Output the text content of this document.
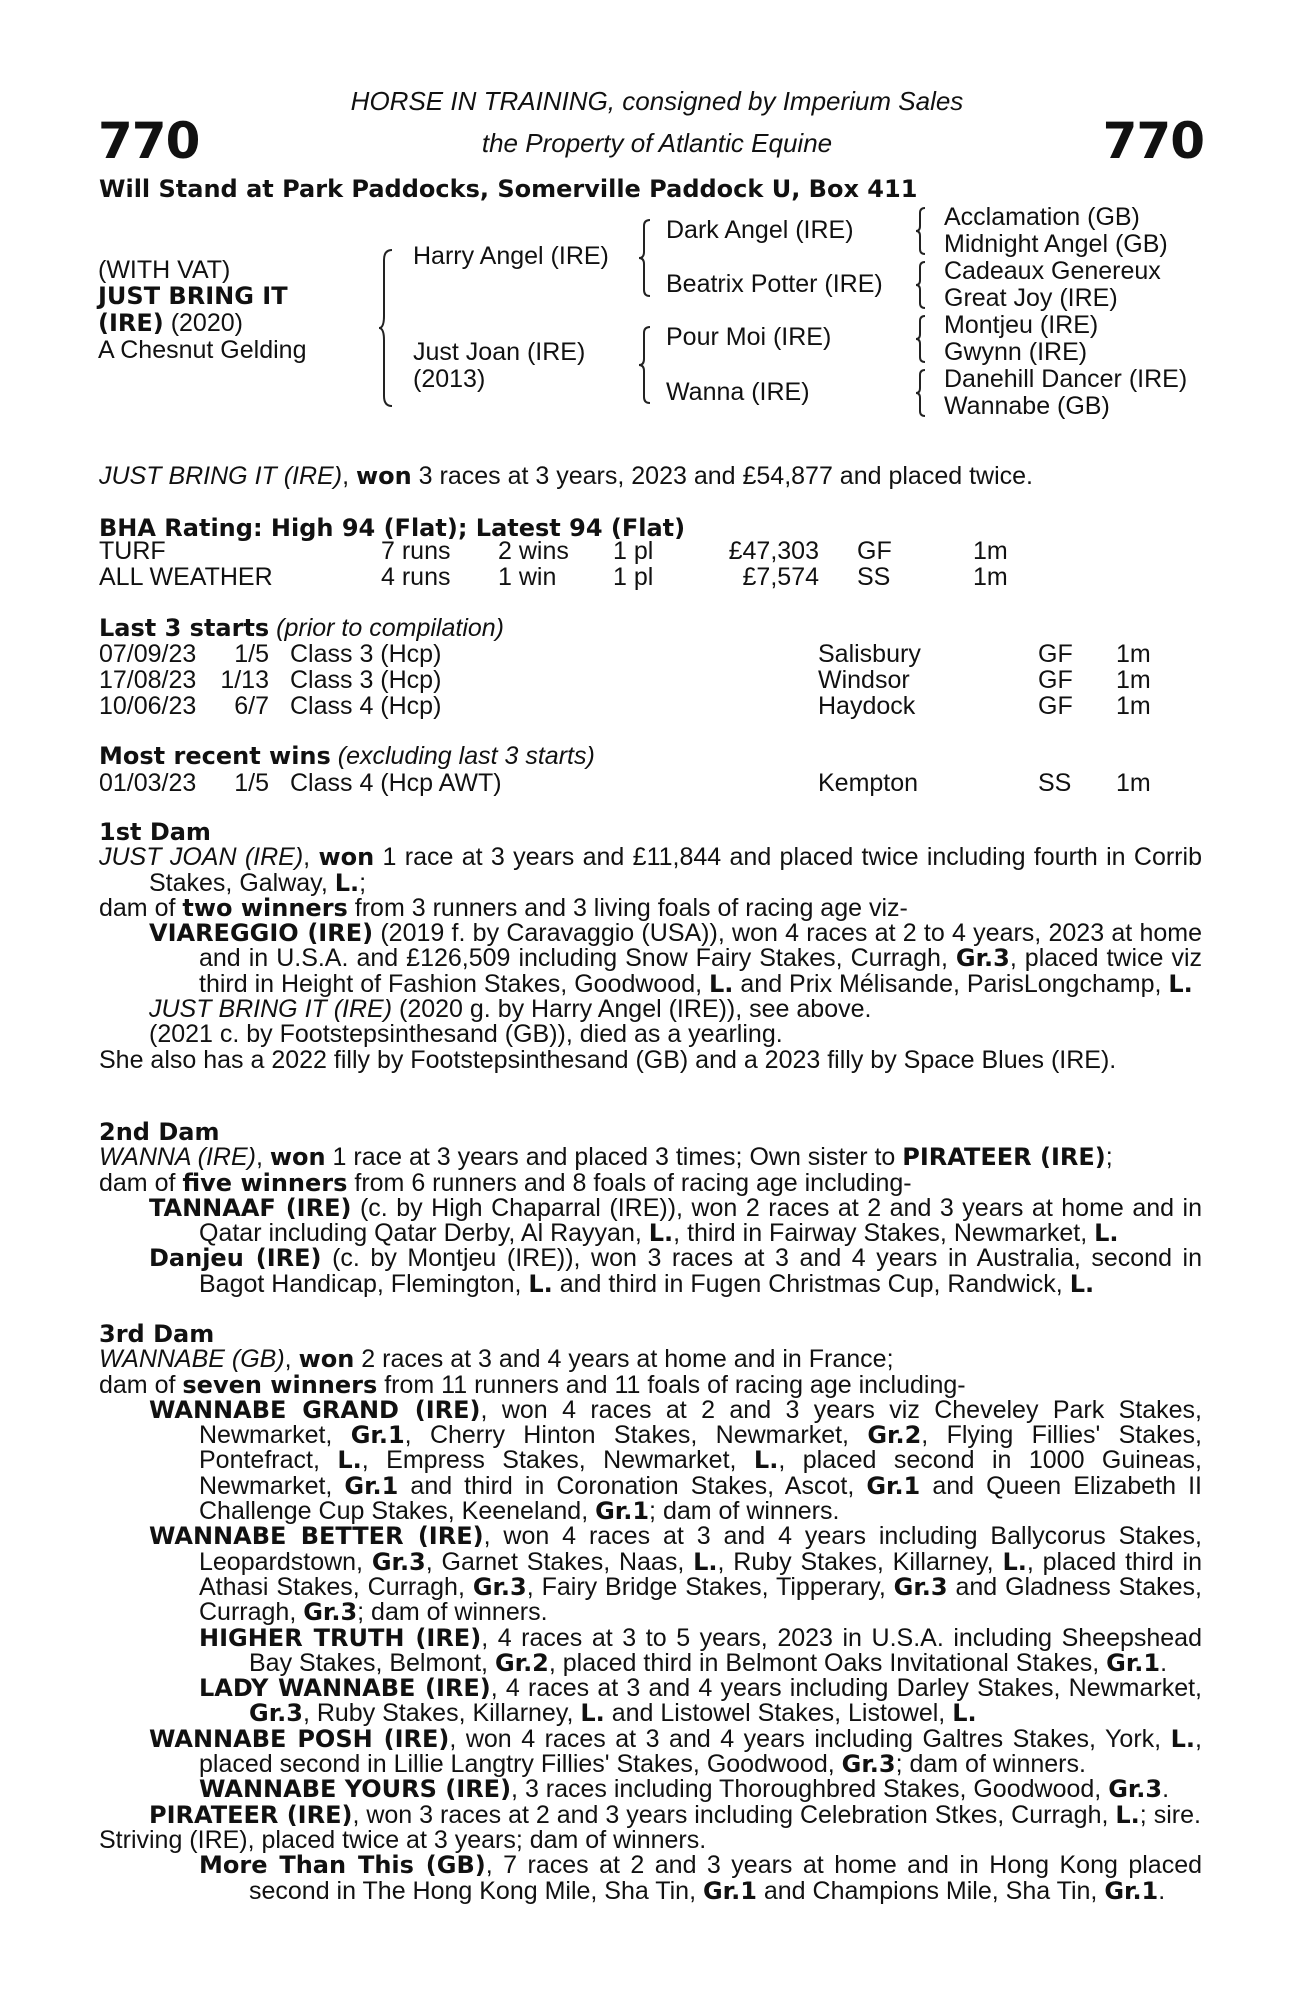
770	770
HORSE IN TRAINING, consigned by Imperium Sales
the Property of Atlantic Equine
Will Stand at Park Paddocks, Somerville Paddock U, Box 411
(WITH VAT)
JUST BRING IT
(IRE) (2020)
A Chesnut Gelding
Harry Angel (IRE)
Just Joan (IRE)
(2013)
Dark Angel (IRE)
Beatrix Potter (IRE)
Pour Moi (IRE)
Wanna (IRE)
Acclamation (GB)
Midnight Angel (GB)
Cadeaux Genereux
Great Joy (IRE)
Montjeu (IRE)
Gwynn (IRE)
Danehill Dancer (IRE)
Wannabe (GB)
JUST BRING IT (IRE), won 3 races at 3 years, 2023 and £54,877 and placed twice.
BHA Rating: High 94 (Flat); Latest 94 (Flat)
TURF	7 runs 2 wins 1 pl	£47,303 GF	1m
ALL WEATHER	4 runs 1 win 1 pl	£7,574 SS	1m
Last 3 starts (prior to compilation)
07/09/23	1/5 Class 3 (Hcp)	Salisbury	GF 1m
17/08/23 1/13 Class 3 (Hcp)	Windsor	GF 1m
10/06/23	6/7 Class 4 (Hcp)	Haydock	GF 1m
Most recent wins (excluding last 3 starts)
01/03/23	1/5 Class 4 (Hcp AWT)	Kempton	SS 1m

1st Dam

JUST JOAN (IRE), won 1 race at 3 years and £11,844 and placed twice including fourth in Corrib Stakes, Galway, L.;

dam of two winners from 3 runners and 3 living foals of racing age viz-

VIAREGGIO (IRE) (2019 f. by Caravaggio (USA)), won 4 races at 2 to 4 years, 2023 at home and in U.S.A. and £126,509 including Snow Fairy Stakes, Curragh, Gr.3, placed twice viz third in Height of Fashion Stakes, Goodwood, L. and Prix Mélisande, ParisLongchamp, L.

JUST BRING IT (IRE) (2020 g. by Harry Angel (IRE)), see above.

(2021 c. by Footstepsinthesand (GB)), died as a yearling.

She also has a 2022 filly by Footstepsinthesand (GB) and a 2023 filly by Space Blues (IRE).

2nd Dam

WANNA (IRE), won 1 race at 3 years and placed 3 times; Own sister to PIRATEER (IRE);

dam of five winners from 6 runners and 8 foals of racing age including-

TANNAAF (IRE) (c. by High Chaparral (IRE)), won 2 races at 2 and 3 years at home and in Qatar including Qatar Derby, Al Rayyan, L., third in Fairway Stakes, Newmarket, L.

Danjeu (IRE) (c. by Montjeu (IRE)), won 3 races at 3 and 4 years in Australia, second in Bagot Handicap, Flemington, L. and third in Fugen Christmas Cup, Randwick, L.

3rd Dam

WANNABE (GB), won 2 races at 3 and 4 years at home and in France;

dam of seven winners from 11 runners and 11 foals of racing age including-

WANNABE GRAND (IRE), won 4 races at 2 and 3 years viz Cheveley Park Stakes, Newmarket, Gr.1, Cherry Hinton Stakes, Newmarket, Gr.2, Flying Fillies' Stakes, Pontefract, L., Empress Stakes, Newmarket, L., placed second in 1000 Guineas, Newmarket, Gr.1 and third in Coronation Stakes, Ascot, Gr.1 and Queen Elizabeth II Challenge Cup Stakes, Keeneland, Gr.1; dam of winners.

WANNABE BETTER (IRE), won 4 races at 3 and 4 years including Ballycorus Stakes, Leopardstown, Gr.3, Garnet Stakes, Naas, L., Ruby Stakes, Killarney, L., placed third in Athasi Stakes, Curragh, Gr.3, Fairy Bridge Stakes, Tipperary, Gr.3 and Gladness Stakes, Curragh, Gr.3; dam of winners.

HIGHER TRUTH (IRE), 4 races at 3 to 5 years, 2023 in U.S.A. including Sheepshead Bay Stakes, Belmont, Gr.2, placed third in Belmont Oaks Invitational Stakes, Gr.1.

LADY WANNABE (IRE), 4 races at 3 and 4 years including Darley Stakes, Newmarket, Gr.3, Ruby Stakes, Killarney, L. and Listowel Stakes, Listowel, L.

WANNABE POSH (IRE), won 4 races at 3 and 4 years including Galtres Stakes, York, L., placed second in Lillie Langtry Fillies' Stakes, Goodwood, Gr.3; dam of winners.

WANNABE YOURS (IRE), 3 races including Thoroughbred Stakes, Goodwood, Gr.3.

PIRATEER (IRE), won 3 races at 2 and 3 years including Celebration Stkes, Curragh, L.; sire.

Striving (IRE), placed twice at 3 years; dam of winners.

More Than This (GB), 7 races at 2 and 3 years at home and in Hong Kong placed second in The Hong Kong Mile, Sha Tin, Gr.1 and Champions Mile, Sha Tin, Gr.1.
